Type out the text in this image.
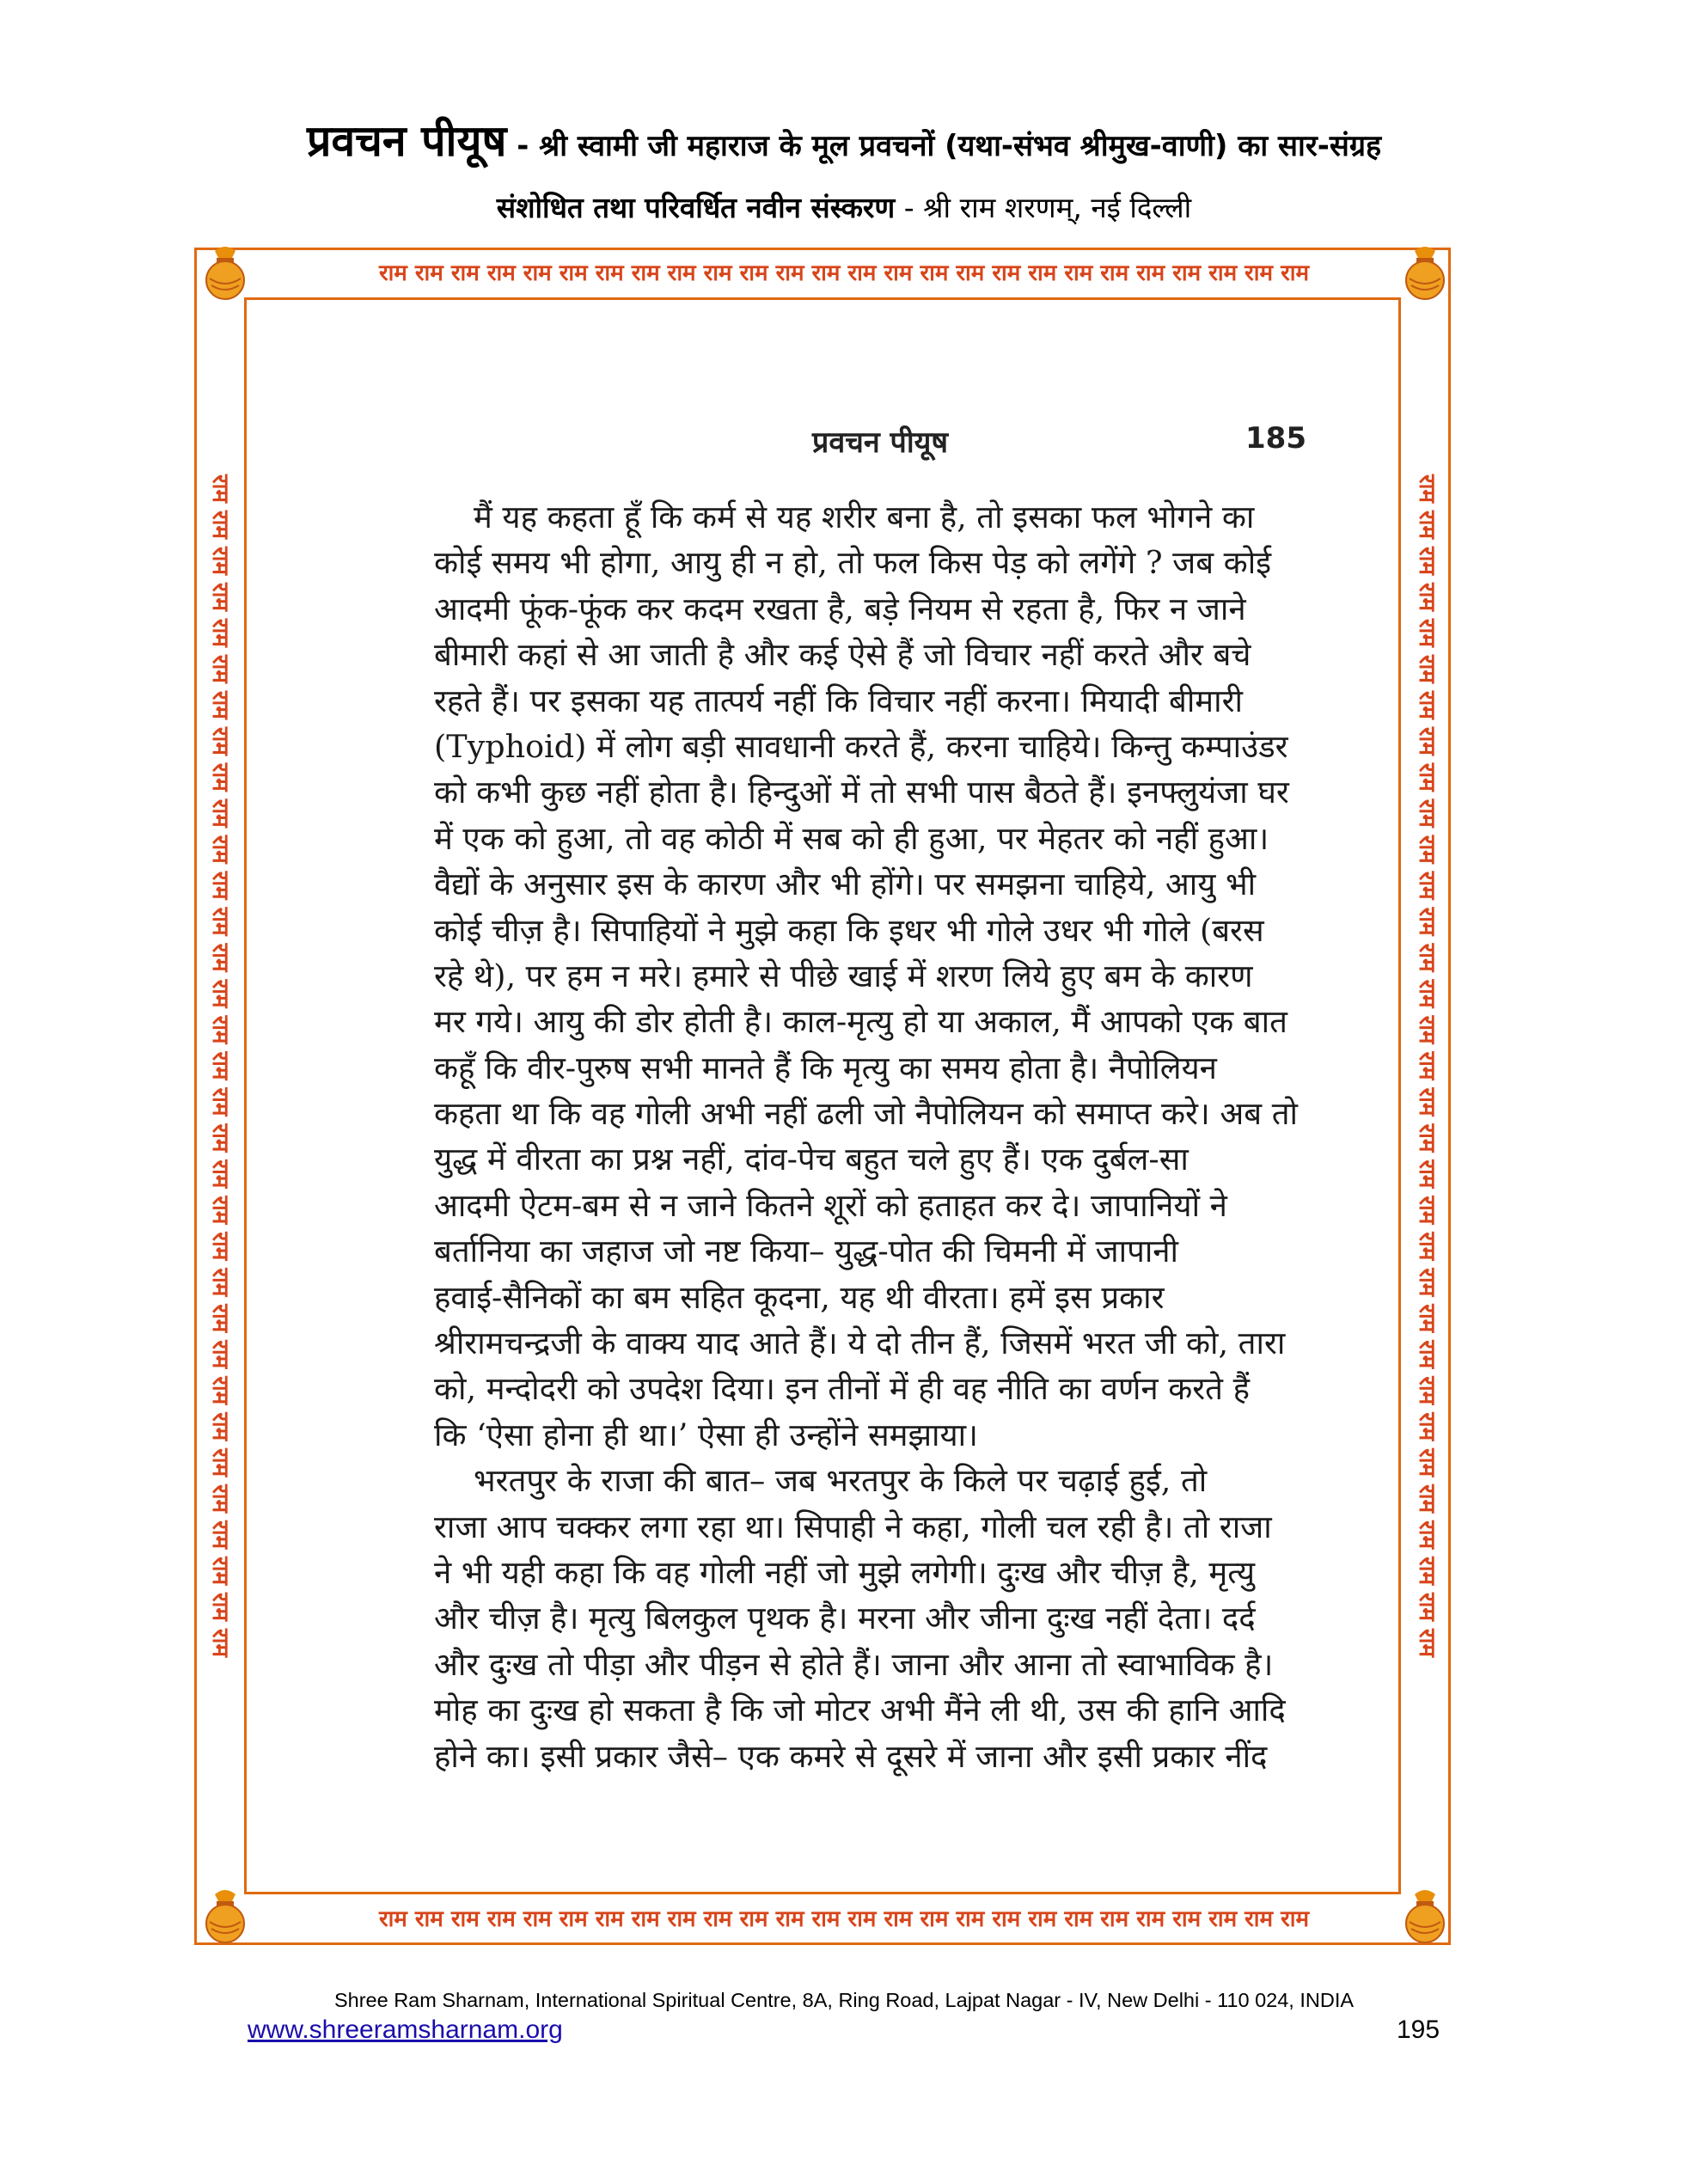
प्रवचन पीयूष - श्री स्वामी जी महाराज के मूल प्रवचनों (यथा-संभव श्रीमुख-वाणी) का सार-संग्रह
संशोधित तथा परिवर्धित नवीन संस्करण - श्री राम शरणम्, नई दिल्ली
राम राम राम राम राम राम राम राम राम राम राम राम राम राम राम राम राम राम राम राम राम राम राम राम राम राम
राम राम राम राम राम राम राम राम राम राम राम राम राम राम राम राम राम राम राम राम राम राम राम राम राम राम
राम राम राम राम राम राम राम राम राम राम राम राम राम राम राम राम राम राम राम राम राम राम राम राम राम राम राम राम राम राम राम राम राम	राम राम राम राम राम राम राम राम राम राम राम राम राम राम राम राम राम राम राम राम राम राम राम राम राम राम राम राम राम राम राम राम राम
प्रवचन पीयूष	185
मैं यह कहता हूँ कि कर्म से यह शरीर बना है, तो इसका फल भोगने का
कोई समय भी होगा, आयु ही न हो, तो फल किस पेड़ को लगेंगे ? जब कोई
आदमी फूंक-फूंक कर कदम रखता है, बड़े नियम से रहता है, फिर न जाने
बीमारी कहां से आ जाती है और कई ऐसे हैं जो विचार नहीं करते और बचे
रहते हैं। पर इसका यह तात्पर्य नहीं कि विचार नहीं करना। मियादी बीमारी
(Typhoid) में लोग बड़ी सावधानी करते हैं, करना चाहिये। किन्तु कम्पाउंडर
को कभी कुछ नहीं होता है। हिन्दुओं में तो सभी पास बैठते हैं। इनफ्लुयंजा घर
में एक को हुआ, तो वह कोठी में सब को ही हुआ, पर मेहतर को नहीं हुआ।
वैद्यों के अनुसार इस के कारण और भी होंगे। पर समझना चाहिये, आयु भी
कोई चीज़ है। सिपाहियों ने मुझे कहा कि इधर भी गोले उधर भी गोले (बरस
रहे थे), पर हम न मरे। हमारे से पीछे खाई में शरण लिये हुए बम के कारण
मर गये। आयु की डोर होती है। काल-मृत्यु हो या अकाल, मैं आपको एक बात
कहूँ कि वीर-पुरुष सभी मानते हैं कि मृत्यु का समय होता है। नैपोलियन
कहता था कि वह गोली अभी नहीं ढली जो नैपोलियन को समाप्त करे। अब तो
युद्ध में वीरता का प्रश्न नहीं, दांव-पेच बहुत चले हुए हैं। एक दुर्बल-सा
आदमी ऐटम-बम से न जाने कितने शूरों को हताहत कर दे। जापानियों ने
बर्तानिया का जहाज जो नष्ट किया– युद्ध-पोत की चिमनी में जापानी
हवाई-सैनिकों का बम सहित कूदना, यह थी वीरता। हमें इस प्रकार
श्रीरामचन्द्रजी के वाक्य याद आते हैं। ये दो तीन हैं, जिसमें भरत जी को, तारा
को, मन्दोदरी को उपदेश दिया। इन तीनों में ही वह नीति का वर्णन करते हैं
कि ‘ऐसा होना ही था।’ ऐसा ही उन्होंने समझाया।
भरतपुर के राजा की बात– जब भरतपुर के किले पर चढ़ाई हुई, तो
राजा आप चक्कर लगा रहा था। सिपाही ने कहा, गोली चल रही है। तो राजा
ने भी यही कहा कि वह गोली नहीं जो मुझे लगेगी। दुःख और चीज़ है, मृत्यु
और चीज़ है। मृत्यु बिलकुल पृथक है। मरना और जीना दुःख नहीं देता। दर्द
और दुःख तो पीड़ा और पीड़न से होते हैं। जाना और आना तो स्वाभाविक है।
मोह का दुःख हो सकता है कि जो मोटर अभी मैंने ली थी, उस की हानि आदि
होने का। इसी प्रकार जैसे– एक कमरे से दूसरे में जाना और इसी प्रकार नींद
Shree Ram Sharnam, International Spiritual Centre, 8A, Ring Road, Lajpat Nagar - IV, New Delhi - 110 024, INDIA
www.shreeramsharnam.org	195
